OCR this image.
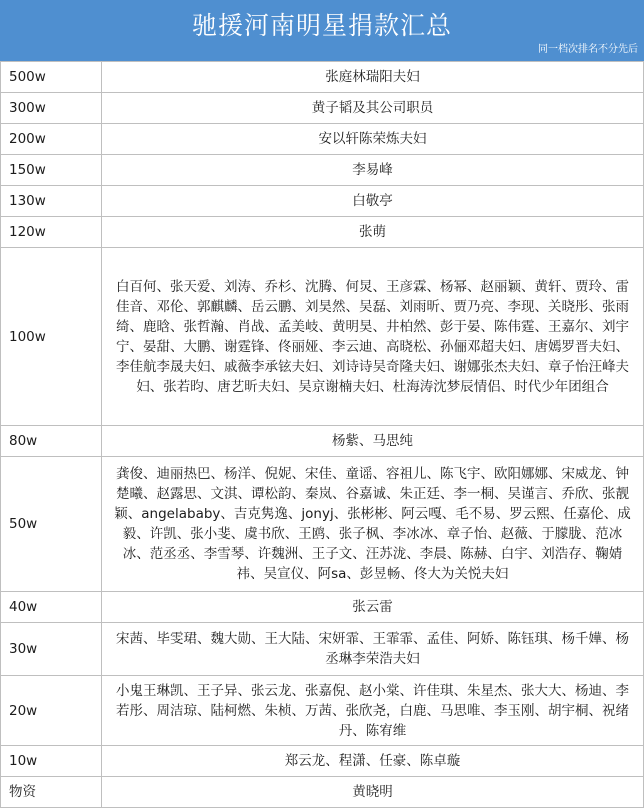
驰援河南明星捐款汇总
同一档次排名不分先后
500w	张庭林瑞阳夫妇
300w	黄子韬及其公司职员
200w	安以轩陈荣炼夫妇
150w	李易峰
130w	白敬亭
120w	张萌
100w	白百何、张天爱、刘涛、乔杉、沈腾、何炅、王彦霖、杨幂、赵丽颖、黄轩、贾玲、雷佳音、邓伦、郭麒麟、岳云鹏、刘昊然、吴磊、刘雨昕、贾乃亮、李现、关晓彤、张雨绮、鹿晗、张哲瀚、肖战、孟美岐、黄明昊、井柏然、彭于晏、陈伟霆、王嘉尔、刘宇宁、晏甜、大鹏、谢霆锋、佟丽娅、李云迪、高晓松、孙俪邓超夫妇、唐嫣罗晋夫妇、李佳航李晟夫妇、戚薇李承铉夫妇、刘诗诗吴奇隆夫妇、谢娜张杰夫妇、章子怡汪峰夫妇、张若昀、唐艺昕夫妇、吴京谢楠夫妇、杜海涛沈梦辰情侣、时代少年团组合
80w	杨紫、马思纯
50w	龚俊、迪丽热巴、杨洋、倪妮、宋佳、童谣、容祖儿、陈飞宇、欧阳娜娜、宋威龙、钟楚曦、赵露思、文淇、谭松韵、秦岚、谷嘉诚、朱正廷、李一桐、吴谨言、乔欣、张靓颖、angelababy、吉克隽逸、jonyj、张彬彬、阿云嘎、毛不易、罗云熙、任嘉伦、成毅、许凯、张小斐、虞书欣、王鸥、张子枫、李冰冰、章子怡、赵薇、于朦胧、范冰冰、范丞丞、李雪琴、许魏洲、王子文、汪苏泷、李晨、陈赫、白宇、刘浩存、鞠婧祎、吴宣仪、阿sa、彭昱畅、佟大为关悦夫妇
40w	张云雷
30w	宋茜、毕雯珺、魏大勋、王大陆、宋妍霏、王霏霏、孟佳、阿娇、陈钰琪、杨千嬅、杨丞琳李荣浩夫妇
20w	小鬼王琳凯、王子异、张云龙、张嘉倪、赵小棠、许佳琪、朱星杰、张大大、杨迪、李若彤、周洁琼、陆柯燃、朱桢、万茜、张欣尧，白鹿、马思唯、李玉刚、胡宇桐、祝绪丹、陈宥维
10w	郑云龙、程潇、任豪、陈卓璇
物资	黄晓明
